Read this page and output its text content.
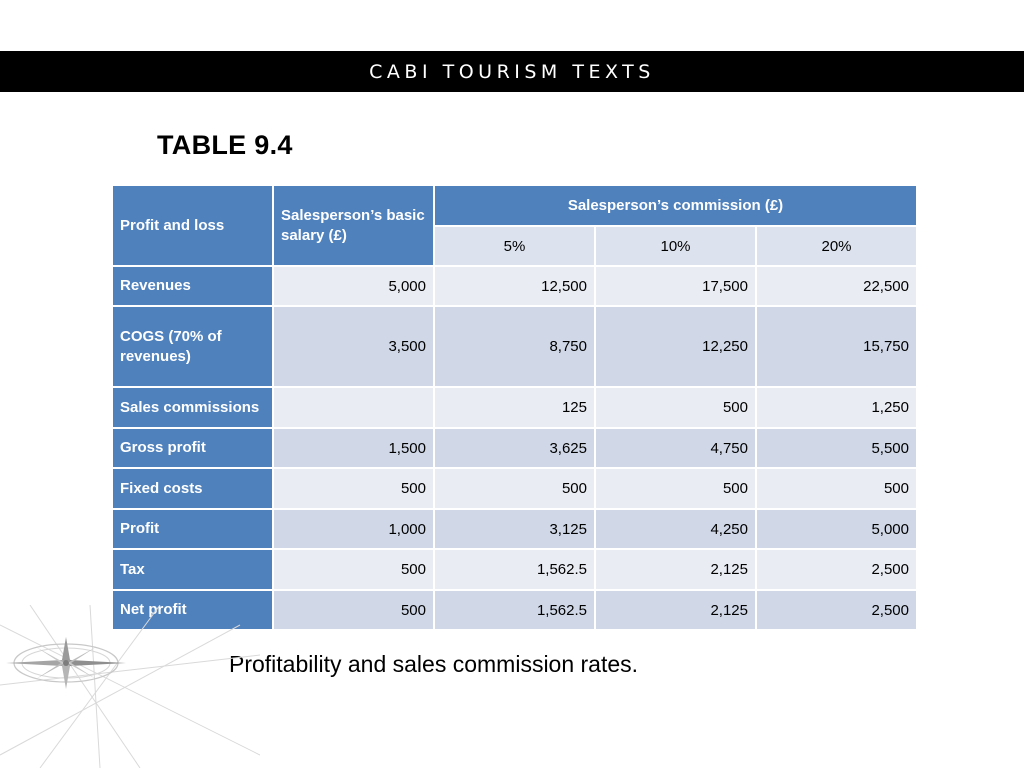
CABI TOURISM TEXTS
TABLE 9.4
Profit and loss	Salesperson’s basic salary (£)	Salesperson’s commission (£)		
		5%	10%	20%
Revenues	5,000	12,500	17,500	22,500
COGS (70% of revenues)	3,500	8,750	12,250	15,750
Sales commissions		125	500	1,250
Gross profit	1,500	3,625	4,750	5,500
Fixed costs	500	500	500	500
Profit	1,000	3,125	4,250	5,000
Tax	500	1,562.5	2,125	2,500
Net profit	500	1,562.5	2,125	2,500
Profitability and sales commission rates.
